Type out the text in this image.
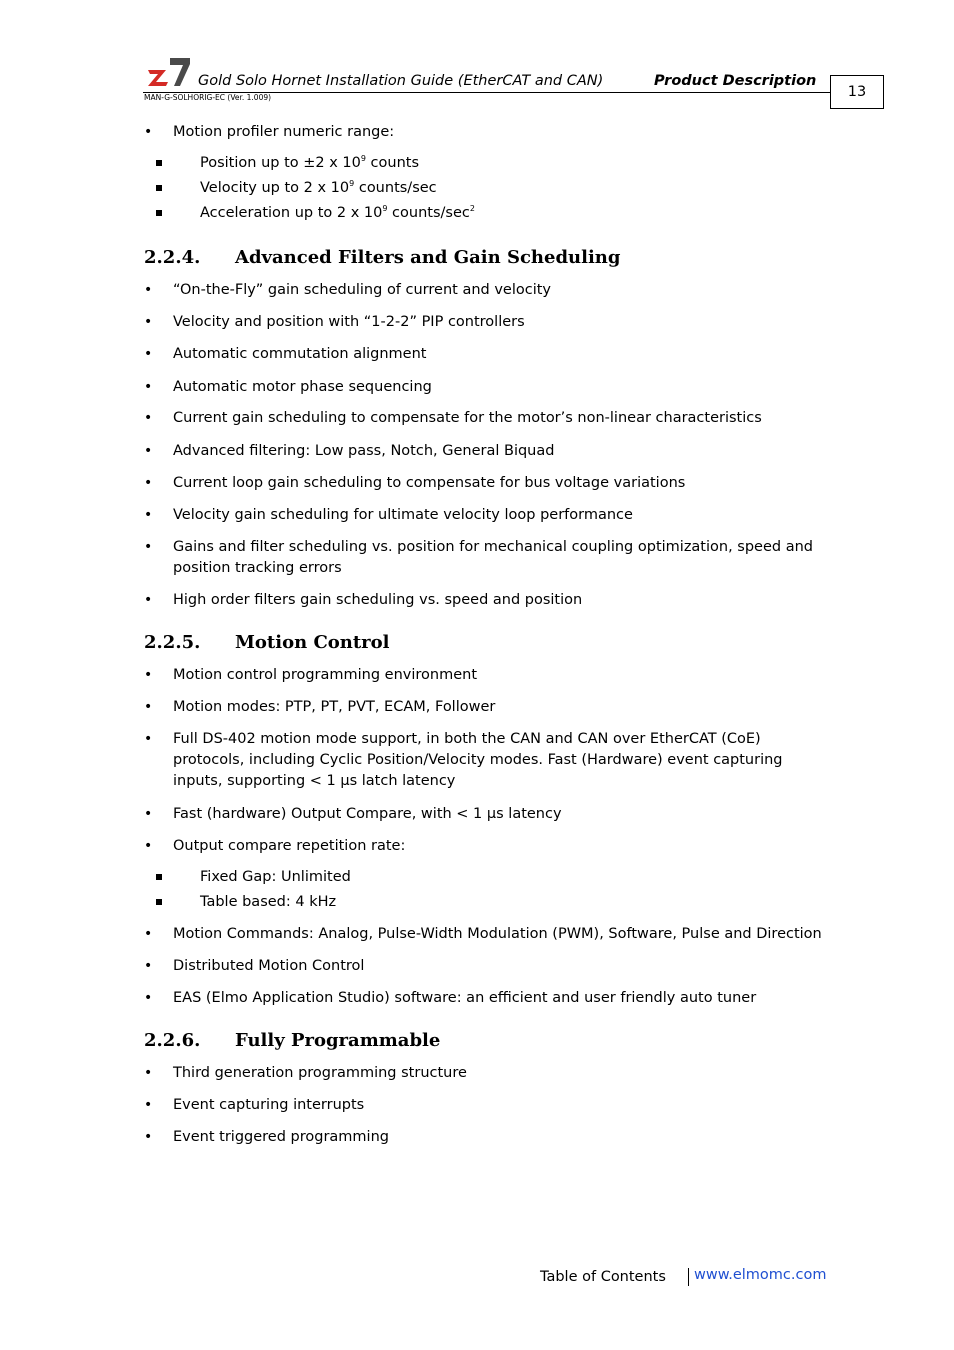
Gold Solo Hornet Installation Guide (EtherCAT and CAN)	Product Description
MAN-G-SOLHORIG-EC (Ver. 1.009)	13
• Motion profiler numeric range:
Position up to ±2 x $10^9$ counts
Velocity up to 2 x $10^9$ counts/sec
Acceleration up to 2 x $10^9$ counts/$\sec^2$
2.2.4. Advanced Filters and Gain Scheduling
• “On-the-Fly” gain scheduling of current and velocity
• Velocity and position with “1-2-2” PIP controllers
• Automatic commutation alignment
• Automatic motor phase sequencing
• Current gain scheduling to compensate for the motor’s non-linear characteristics
• Advanced filtering: Low pass, Notch, General Biquad
• Current loop gain scheduling to compensate for bus voltage variations
• Velocity gain scheduling for ultimate velocity loop performance
• Gains and filter scheduling vs. position for mechanical coupling optimization, speed and position tracking errors
• High order filters gain scheduling vs. speed and position
2.2.5. Motion Control
• Motion control programming environment
• Motion modes: PTP, PT, PVT, ECAM, Follower
• Full DS-402 motion mode support, in both the CAN and CAN over EtherCAT (CoE) protocols, including Cyclic Position/Velocity modes. Fast (Hardware) event capturing inputs, supporting < 1 µs latch latency
• Fast (hardware) Output Compare, with < 1 µs latency
• Output compare repetition rate:
Fixed Gap: Unlimited
Table based: 4 kHz
• Motion Commands: Analog, Pulse-Width Modulation (PWM), Software, Pulse and Direction
• Distributed Motion Control
• EAS (Elmo Application Studio) software: an efficient and user friendly auto tuner
2.2.6. Fully Programmable
• Third generation programming structure
• Event capturing interrupts
• Event triggered programming
Table of Contents www.elmomc.com
